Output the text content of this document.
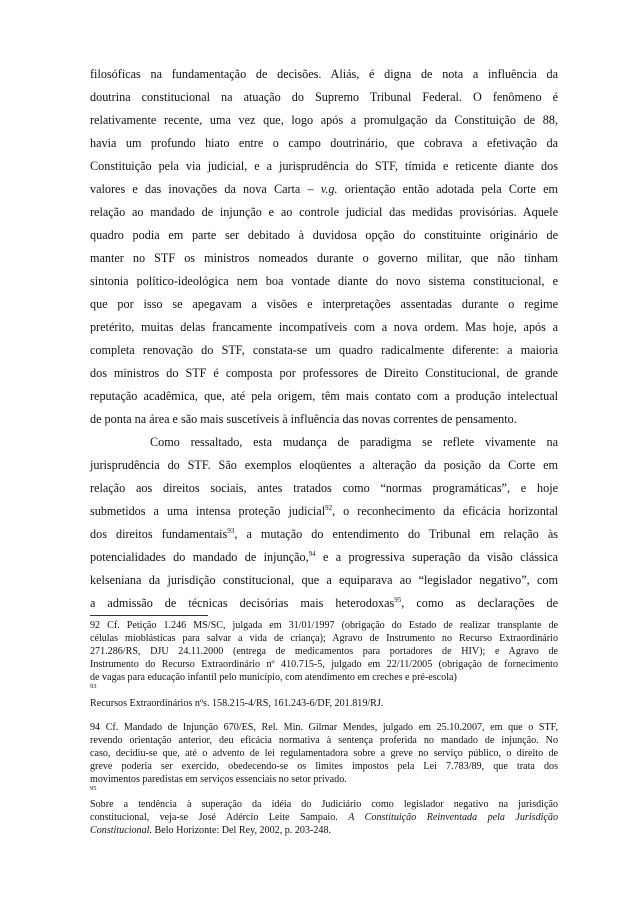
filosóficas na fundamentação de decisões. Aliás, é digna de nota a influência da
doutrina constitucional na atuação do Supremo Tribunal Federal. O fenômeno é
relativamente recente, uma vez que, logo após a promulgação da Constituição de 88,
havia um profundo hiato entre o campo doutrinário, que cobrava a efetivação da
Constituição pela via judicial, e a jurisprudência do STF, tímida e reticente diante dos
valores e das inovações da nova Carta – v.g. orientação então adotada pela Corte em
relação ao mandado de injunção e ao controle judicial das medidas provisórias. Aquele
quadro podia em parte ser debitado à duvidosa opção do constituinte originário de
manter no STF os ministros nomeados durante o governo militar, que não tinham
sintonia político-ideológica nem boa vontade diante do novo sistema constitucional, e
que por isso se apegavam a visões e interpretações assentadas durante o regime
pretérito, muitas delas francamente incompatíveis com a nova ordem. Mas hoje, após a
completa renovação do STF, constata-se um quadro radicalmente diferente: a maioria
dos ministros do STF é composta por professores de Direito Constitucional, de grande
reputação acadêmica, que, até pela origem, têm mais contato com a produção intelectual
de ponta na área e são mais suscetíveis à influência das novas correntes de pensamento.
Como ressaltado, esta mudança de paradigma se reflete vivamente na
jurisprudência do STF. São exemplos eloqüentes a alteração da posição da Corte em
relação aos direitos sociais, antes tratados como “normas programáticas”, e hoje
submetidos a uma intensa proteção judicial$^{92}$, o reconhecimento da eficácia horizontal
dos direitos fundamentais$^{93}$, a mutação do entendimento do Tribunal em relação às
potencialidades do mandado de injunção,$^{94}$ e a progressiva superação da visão clássica
kelseniana da jurisdição constitucional, que a equiparava ao “legislador negativo”, com
a admissão de técnicas decisórias mais heterodoxas$^{95}$, como as declarações de
92 Cf. Petição 1.246 MS/SC, julgada em 31/01/1997 (obrigação do Estado de realizar transplante de
células mioblásticas para salvar a vida de criança); Agravo de Instrumento no Recurso Extraordinário
271.286/RS, DJU 24.11.2000 (entrega de medicamentos para portadores de HIV); e Agravo de
Instrumento do Recurso Extraordinário nº 410.715-5, julgado em 22/11/2005 (obrigação de fornecimento
de vagas para educação infantil pelo município, com atendimento em creches e pré-escola)
93
Recursos Extraordinários nºs. 158.215-4/RS, 161.243-6/DF, 201.819/RJ.
94 Cf. Mandado de Injunção 670/ES, Rel. Min. Gilmar Mendes, julgado em 25.10.2007, em que o STF,
revendo orientação anterior, deu eficácia normativa à sentença proferida no mandado de injunção. No
caso, decidiu-se que, até o advento de lei regulamentadora sobre a greve no serviço público, o direito de
greve poderia ser exercido, obedecendo-se os limites impostos pela Lei 7.783/89, que trata dos
movimentos paredistas em serviços essenciais no setor privado.
95
Sobre a tendência à superação da idéia do Judiciário como legislador negativo na jurisdição
constitucional, veja-se José Adércio Leite Sampaio. A Constituição Reinventada pela Jurisdição
Constitucional. Belo Horizonte: Del Rey, 2002, p. 203-248.
